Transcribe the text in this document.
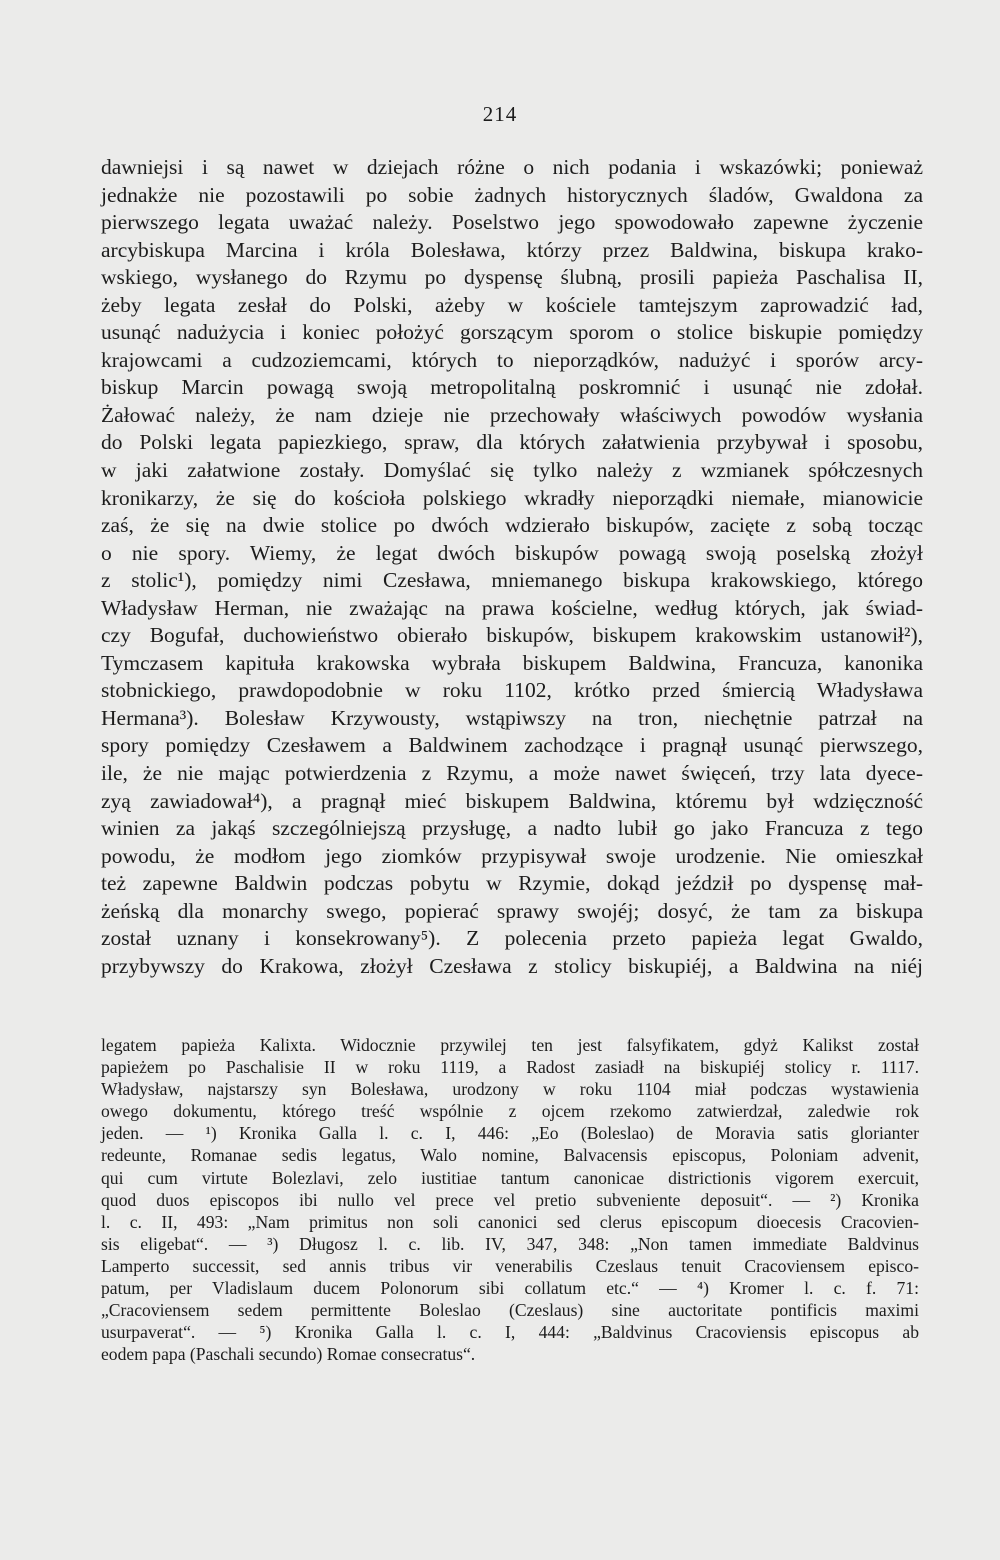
214
dawniejsi i są nawet w dziejach różne o nich podania i wskazówki; ponieważ
jednakże nie pozostawili po sobie żadnych historycznych śladów, Gwaldona za
pierwszego legata uważać należy. Poselstwo jego spowodowało zapewne życzenie
arcybiskupa Marcina i króla Bolesława, którzy przez Baldwina, biskupa krako-
wskiego, wysłanego do Rzymu po dyspensę ślubną, prosili papieża Paschalisa II,
żeby legata zesłał do Polski, ażeby w kościele tamtejszym zaprowadzić ład,
usunąć nadużycia i koniec położyć gorszącym sporom o stolice biskupie pomiędzy
krajowcami a cudzoziemcami, których to nieporządków, nadużyć i sporów arcy-
biskup Marcin powagą swoją metropolitalną poskromnić i usunąć nie zdołał.
Żałować należy, że nam dzieje nie przechowały właściwych powodów wysłania
do Polski legata papiezkiego, spraw, dla których załatwienia przybywał i sposobu,
w jaki załatwione zostały. Domyślać się tylko należy z wzmianek spółczesnych
kronikarzy, że się do kościoła polskiego wkradły nieporządki niemałe, mianowicie
zaś, że się na dwie stolice po dwóch wdzierało biskupów, zacięte z sobą tocząc
o nie spory. Wiemy, że legat dwóch biskupów powagą swoją poselską złożył
z stolic¹), pomiędzy nimi Czesława, mniemanego biskupa krakowskiego, którego
Władysław Herman, nie zważając na prawa kościelne, według których, jak świad-
czy Bogufał, duchowieństwo obierało biskupów, biskupem krakowskim ustanowił²),
Tymczasem kapituła krakowska wybrała biskupem Baldwina, Francuza, kanonika
stobnickiego, prawdopodobnie w roku 1102, krótko przed śmiercią Władysława
Hermana³). Bolesław Krzywousty, wstąpiwszy na tron, niechętnie patrzał na
spory pomiędzy Czesławem a Baldwinem zachodzące i pragnął usunąć pierwszego,
ile, że nie mając potwierdzenia z Rzymu, a może nawet święceń, trzy lata dyece-
zyą zawiadował⁴), a pragnął mieć biskupem Baldwina, któremu był wdzięczność
winien za jakąś szczególniejszą przysługę, a nadto lubił go jako Francuza z tego
powodu, że modłom jego ziomków przypisywał swoje urodzenie. Nie omieszkał
też zapewne Baldwin podczas pobytu w Rzymie, dokąd jeździł po dyspensę mał-
żeńską dla monarchy swego, popierać sprawy swojéj; dosyć, że tam za biskupa
został uznany i konsekrowany⁵). Z polecenia przeto papieża legat Gwaldo,
przybywszy do Krakowa, złożył Czesława z stolicy biskupiéj, a Baldwina na niéj
legatem papieża Kalixta. Widocznie przywilej ten jest falsyfikatem, gdyż Kalikst został
papieżem po Paschalisie II w roku 1119, a Radost zasiadł na biskupiéj stolicy r. 1117.
Władysław, najstarszy syn Bolesława, urodzony w roku 1104 miał podczas wystawienia
owego dokumentu, którego treść wspólnie z ojcem rzekomo zatwierdzał, zaledwie rok
jeden. — ¹) Kronika Galla l. c. I, 446: „Eo (Boleslao) de Moravia satis glorianter
redeunte, Romanae sedis legatus, Walo nomine, Balvacensis episcopus, Poloniam advenit,
qui cum virtute Bolezlavi, zelo iustitiae tantum canonicae districtionis vigorem exercuit,
quod duos episcopos ibi nullo vel prece vel pretio subveniente deposuit“. — ²) Kronika
l. c. II, 493: „Nam primitus non soli canonici sed clerus episcopum dioecesis Cracovien-
sis eligebat“. — ³) Długosz l. c. lib. IV, 347, 348: „Non tamen immediate Baldvinus
Lamperto successit, sed annis tribus vir venerabilis Czeslaus tenuit Cracoviensem episco-
patum, per Vladislaum ducem Polonorum sibi collatum etc.“ — ⁴) Kromer l. c. f. 71:
„Cracoviensem sedem permittente Boleslao (Czeslaus) sine auctoritate pontificis maximi
usurpaverat“. — ⁵) Kronika Galla l. c. I, 444: „Baldvinus Cracoviensis episcopus ab
eodem papa (Paschali secundo) Romae consecratus“.
